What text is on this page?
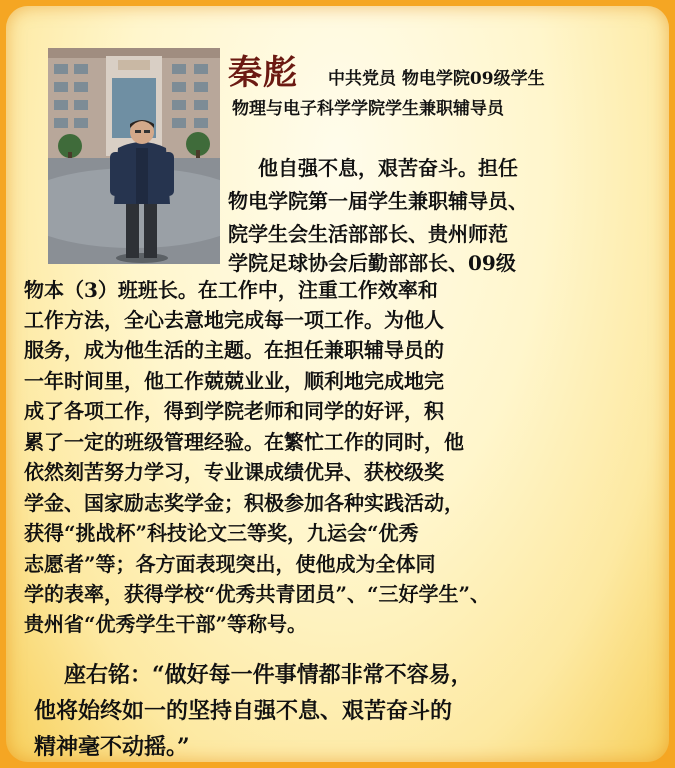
秦彪 中共党员 物电学院09级学生
物理与电子科学学院学生兼职辅导员
他自强不息，艰苦奋斗。担任
物电学院第一届学生兼职辅导员、
院学生会生活部部长、贵州师范
学院足球协会后勤部部长、09级
物本（3）班班长。在工作中，注重工作效率和
工作方法，全心去意地完成每一项工作。为他人
服务，成为他生活的主题。在担任兼职辅导员的
一年时间里，他工作兢兢业业，顺利地完成地完
成了各项工作，得到学院老师和同学的好评，积
累了一定的班级管理经验。在繁忙工作的同时，他
依然刻苦努力学习，专业课成绩优异、获校级奖
学金、国家励志奖学金；积极参加各种实践活动，
获得“挑战杯”科技论文三等奖，九运会“优秀
志愿者”等；各方面表现突出，使他成为全体同
学的表率，获得学校“优秀共青团员”、“三好学生”、
贵州省“优秀学生干部”等称号。
座右铭：“做好每一件事情都非常不容易，
他将始终如一的坚持自强不息、艰苦奋斗的
精神毫不动摇。”
